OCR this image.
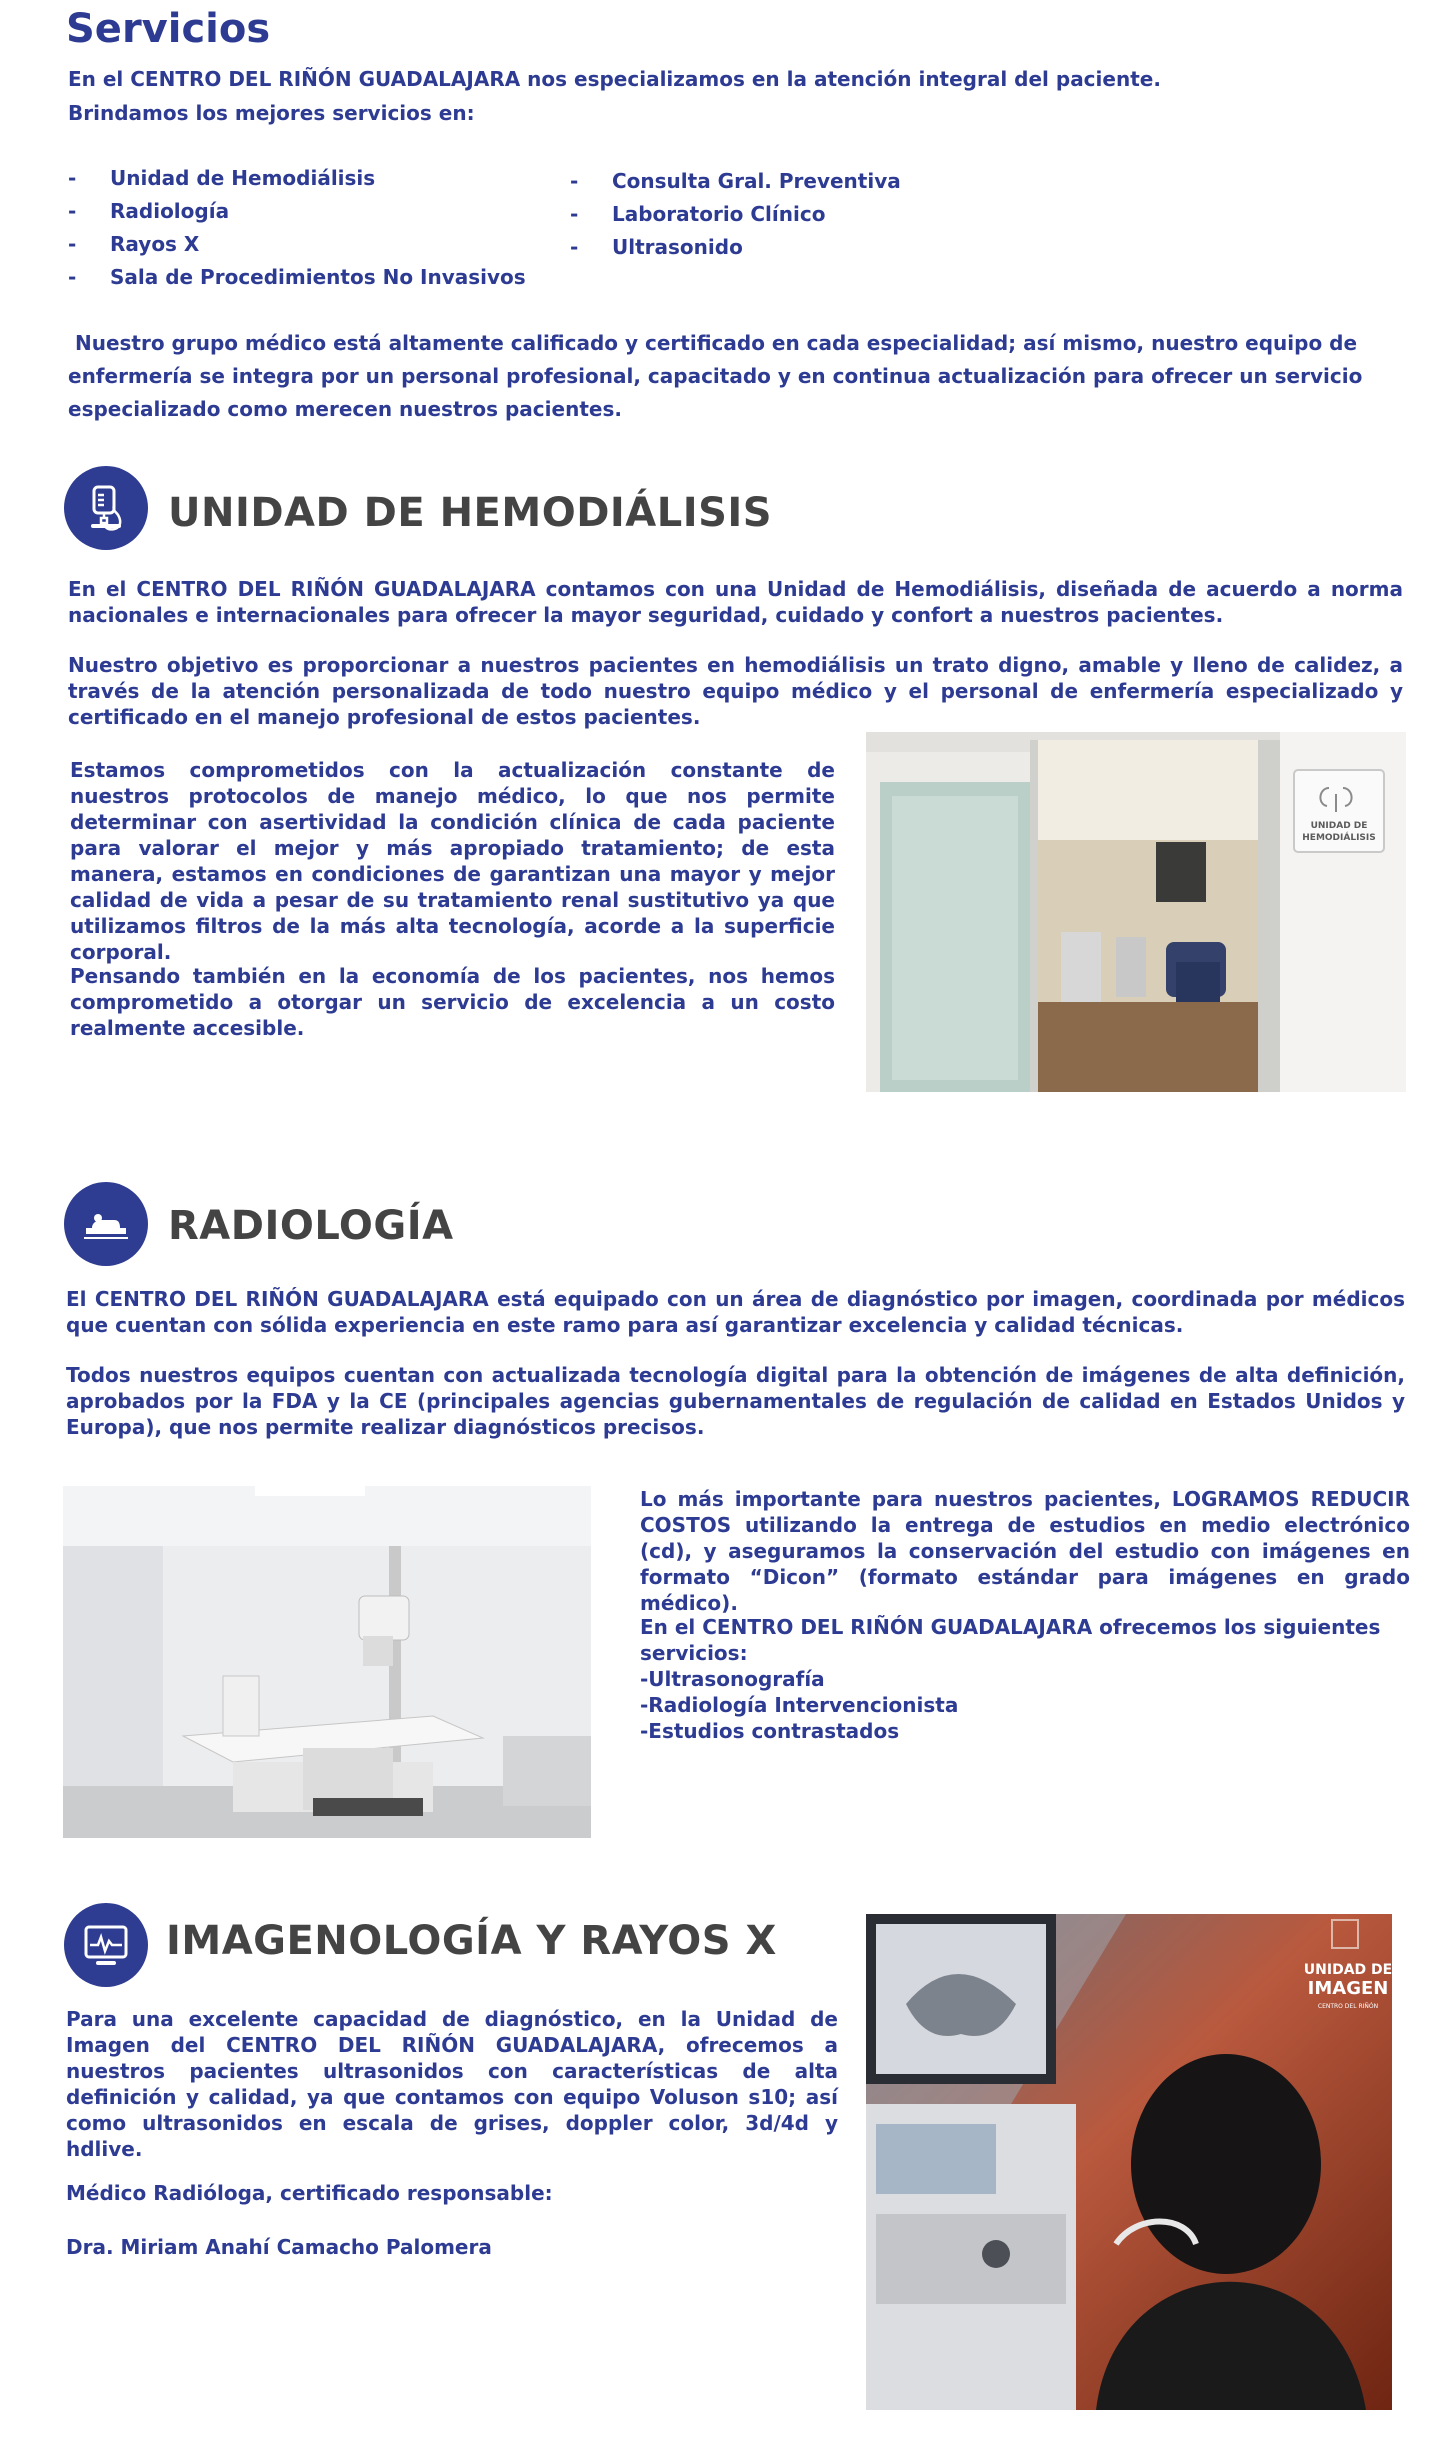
Servicios
En el CENTRO DEL RIÑÓN GUADALAJARA nos especializamos en la atención integral del paciente.
Brindamos los mejores servicios en:
-	Unidad de Hemodiálisis
-	Radiología
-	Rayos X
-	Sala de Procedimientos No Invasivos
-	Consulta Gral. Preventiva
-	Laboratorio Clínico
-	Ultrasonido
Nuestro grupo médico está altamente calificado y certificado en cada especialidad; así mismo, nuestro equipo de enfermería se integra por un personal profesional, capacitado y en continua actualización para ofrecer un servicio especializado como merecen nuestros pacientes.
UNIDAD DE HEMODIÁLISIS
En el CENTRO DEL RIÑÓN GUADALAJARA contamos con una Unidad de Hemodiálisis, diseñada de acuerdo a norma nacionales e internacionales para ofrecer la mayor seguridad, cuidado y confort a nuestros pacientes.
Nuestro objetivo es proporcionar a nuestros pacientes en hemodiálisis un trato digno, amable y lleno de calidez, a través de la atención personalizada de todo nuestro equipo médico y el personal de enfermería especializado y certificado en el manejo profesional de estos pacientes.
Estamos comprometidos con la actualización constante de nuestros protocolos de manejo médico, lo que nos permite determinar con asertividad la condición clínica de cada paciente para valorar el mejor y más apropiado tratamiento; de esta manera, estamos en condiciones de garantizan una mayor y mejor calidad de vida a pesar de su tratamiento renal sustitutivo ya que utilizamos filtros de la más alta tecnología, acorde a la superficie corporal.
Pensando también en la economía de los pacientes, nos hemos comprometido a otorgar un servicio de excelencia a un costo realmente accesible.
UNIDAD DE
HEMODIÁLISIS
RADIOLOGÍA
El CENTRO DEL RIÑÓN GUADALAJARA está equipado con un área de diagnóstico por imagen, coordinada por médicos que cuentan con sólida experiencia en este ramo para así garantizar excelencia y calidad técnicas.
Todos nuestros equipos cuentan con actualizada tecnología digital para la obtención de imágenes de alta definición, aprobados por la FDA y la CE (principales agencias gubernamentales de regulación de calidad en Estados Unidos y Europa), que nos permite realizar diagnósticos precisos.
Lo más importante para nuestros pacientes, LOGRAMOS REDUCIR COSTOS utilizando la entrega de estudios en medio electrónico (cd), y aseguramos la conservación del estudio con imágenes en formato “Dicon” (formato estándar para imágenes en grado médico).
En el CENTRO DEL RIÑÓN GUADALAJARA ofrecemos los siguientes servicios:
-Ultrasonografía
-Radiología Intervencionista
-Estudios contrastados
IMAGENOLOGÍA Y RAYOS X
Para una excelente capacidad de diagnóstico, en la Unidad de Imagen del CENTRO DEL RIÑÓN GUADALAJARA, ofrecemos a nuestros pacientes ultrasonidos con características de alta definición y calidad, ya que contamos con equipo Voluson s10; así como ultrasonidos en escala de grises, doppler color, 3d/4d y hdlive.
Médico Radióloga, certificado responsable:
Dra. Miriam Anahí Camacho Palomera
UNIDAD DE
IMAGEN
CENTRO DEL RIÑÓN
